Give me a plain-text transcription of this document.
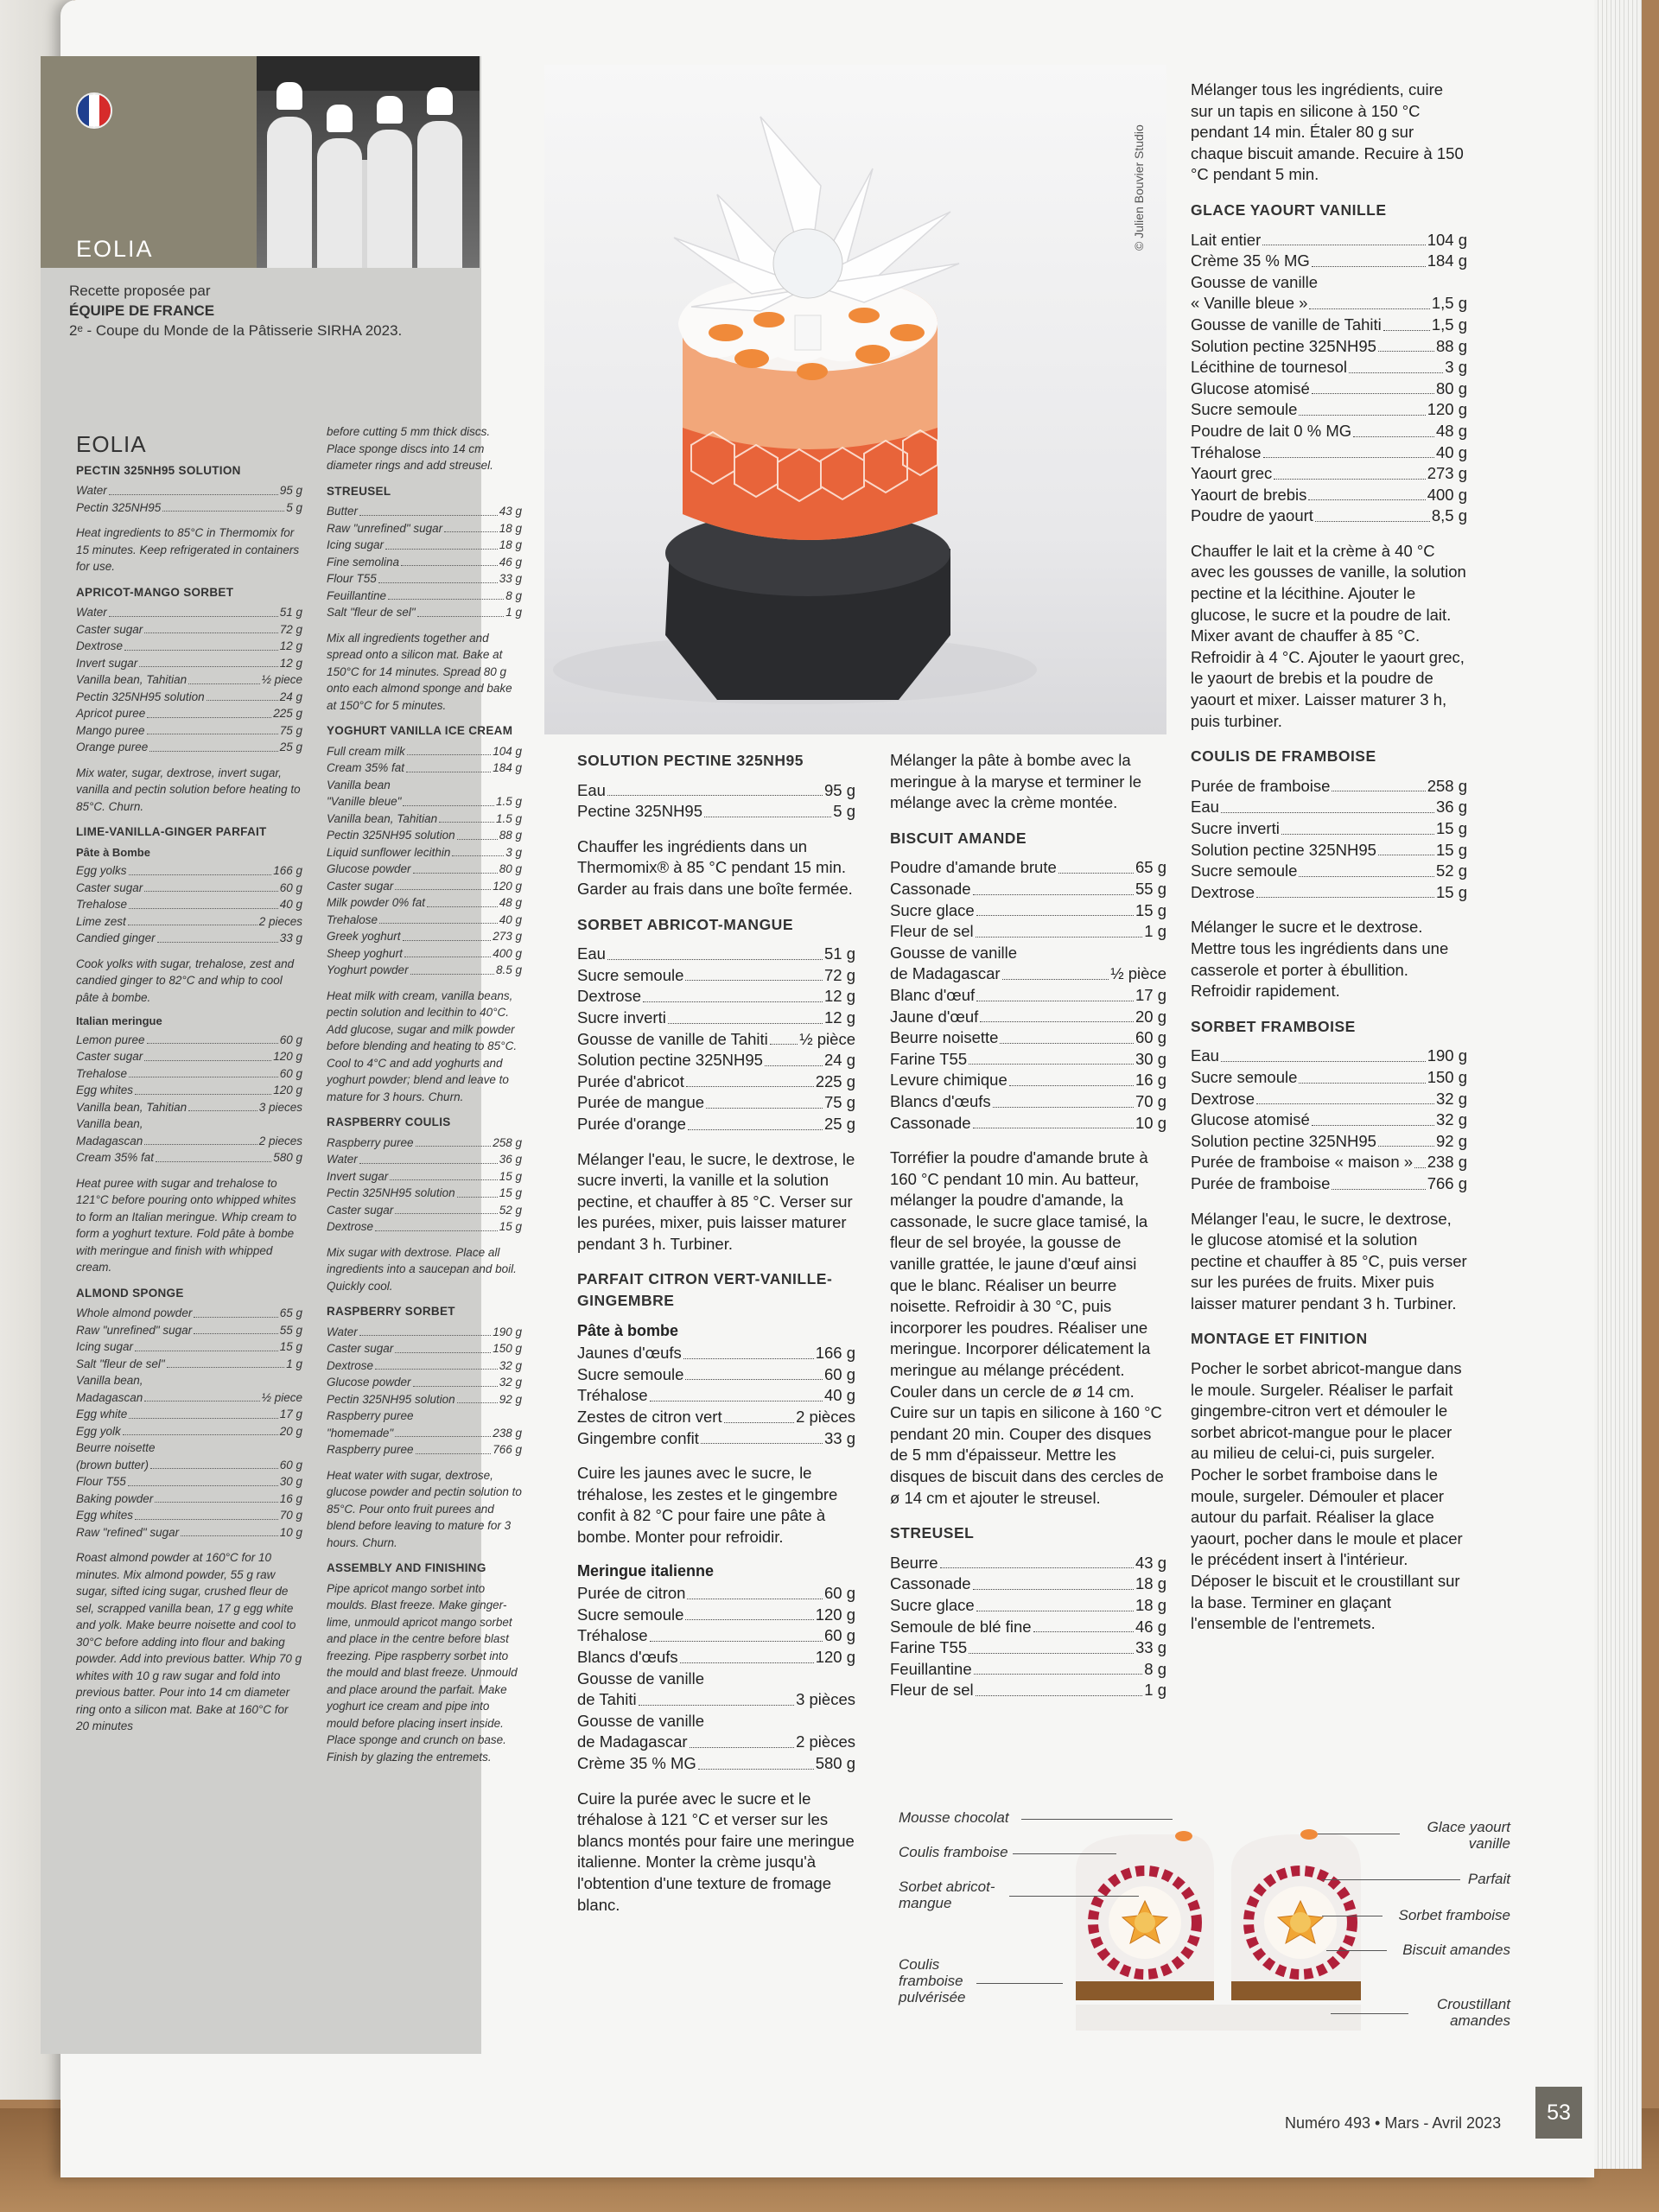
EOLIA
Recette proposée par
ÉQUIPE DE FRANCE
2ᵉ - Coupe du Monde de la Pâtisserie SIRHA 2023.
EOLIA
PECTIN 325NH95 SOLUTION
Water	95 g
Pectin 325NH95	5 g

Heat ingredients to 85°C in Thermomix for 15 minutes. Keep refrigerated in containers for use.

APRICOT-MANGO SORBET
Water	51 g
Caster sugar	72 g
Dextrose	12 g
Invert sugar	12 g
Vanilla bean, Tahitian	½ piece
Pectin 325NH95 solution	24 g
Apricot puree	225 g
Mango puree	75 g
Orange puree	25 g

Mix water, sugar, dextrose, invert sugar, vanilla and pectin solution before heating to 85°C. Churn.

LIME-VANILLA-GINGER PARFAIT
Pâte à Bombe
Egg yolks	166 g
Caster sugar	60 g
Trehalose	40 g
Lime zest	2 pieces
Candied ginger	33 g

Cook yolks with sugar, trehalose, zest and candied ginger to 82°C and whip to cool pâte à bombe.

Italian meringue
Lemon puree	60 g
Caster sugar	120 g
Trehalose	60 g
Egg whites	120 g
Vanilla bean, Tahitian	3 pieces
Vanilla bean,
Madagascan	2 pieces
Cream 35% fat	580 g

Heat puree with sugar and trehalose to 121°C before pouring onto whipped whites to form an Italian meringue. Whip cream to form a yoghurt texture. Fold pâte à bombe with meringue and finish with whipped cream.

ALMOND SPONGE
Whole almond powder	65 g
Raw "unrefined" sugar	55 g
Icing sugar	15 g
Salt "fleur de sel"	1 g
Vanilla bean,
Madagascan	½ piece
Egg white	17 g
Egg yolk	20 g
Beurre noisette
(brown butter)	60 g
Flour T55	30 g
Baking powder	16 g
Egg whites	70 g
Raw "refined" sugar	10 g

Roast almond powder at 160°C for 10 minutes. Mix almond powder, 55 g raw sugar, sifted icing sugar, crushed fleur de sel, scrapped vanilla bean, 17 g egg white and yolk. Make beurre noisette and cool to 30°C before adding into flour and baking powder. Add into previous batter. Whip 70 g whites with 10 g raw sugar and fold into previous batter. Pour into 14 cm diameter ring onto a silicon mat. Bake at 160°C for 20 minutes

before cutting 5 mm thick discs. Place sponge discs into 14 cm diameter rings and add streusel.

STREUSEL
Butter	43 g
Raw "unrefined" sugar	18 g
Icing sugar	18 g
Fine semolina	46 g
Flour T55	33 g
Feuillantine	8 g
Salt "fleur de sel"	1 g

Mix all ingredients together and spread onto a silicon mat. Bake at 150°C for 14 minutes. Spread 80 g onto each almond sponge and bake at 150°C for 5 minutes.

YOGHURT VANILLA ICE CREAM
Full cream milk	104 g
Cream 35% fat	184 g
Vanilla bean
"Vanille bleue"	1.5 g
Vanilla bean, Tahitian	1.5 g
Pectin 325NH95 solution	88 g
Liquid sunflower lecithin	3 g
Glucose powder	80 g
Caster sugar	120 g
Milk powder 0% fat	48 g
Trehalose	40 g
Greek yoghurt	273 g
Sheep yoghurt	400 g
Yoghurt powder	8.5 g

Heat milk with cream, vanilla beans, pectin solution and lecithin to 40°C. Add glucose, sugar and milk powder before blending and heating to 85°C. Cool to 4°C and add yoghurts and yoghurt powder; blend and leave to mature for 3 hours. Churn.

RASPBERRY COULIS
Raspberry puree	258 g
Water	36 g
Invert sugar	15 g
Pectin 325NH95 solution	15 g
Caster sugar	52 g
Dextrose	15 g

Mix sugar with dextrose. Place all ingredients into a saucepan and boil. Quickly cool.

RASPBERRY SORBET
Water	190 g
Caster sugar	150 g
Dextrose	32 g
Glucose powder	32 g
Pectin 325NH95 solution	92 g
Raspberry puree
"homemade"	238 g
Raspberry puree	766 g

Heat water with sugar, dextrose, glucose powder and pectin solution to 85°C. Pour onto fruit purees and blend before leaving to mature for 3 hours. Churn.

ASSEMBLY AND FINISHING

Pipe apricot mango sorbet into moulds. Blast freeze. Make ginger-lime, unmould apricot mango sorbet and place in the centre before blast freezing. Pipe raspberry sorbet into the mould and blast freeze. Unmould and place around the parfait. Make yoghurt ice cream and pipe into mould before placing insert inside. Place sponge and crunch on base. Finish by glazing the entremets.

© Julien Bouvier Studio
SOLUTION PECTINE 325NH95
Eau	95 g
Pectine 325NH95	5 g

Chauffer les ingrédients dans un Thermomix® à 85 °C pendant 15 min. Garder au frais dans une boîte fermée.

SORBET ABRICOT-MANGUE
Eau	51 g
Sucre semoule	72 g
Dextrose	12 g
Sucre inverti	12 g
Gousse de vanille de Tahiti ½ pièce
Solution pectine 325NH95	24 g
Purée d'abricot	225 g
Purée de mangue	75 g
Purée d'orange	25 g

Mélanger l'eau, le sucre, le dextrose, le sucre inverti, la vanille et la solution pectine, et chauffer à 85 °C. Verser sur les purées, mixer, puis laisser maturer pendant 3 h. Turbiner.

PARFAIT CITRON VERT-VANILLE-GINGEMBRE
Pâte à bombe
Jaunes d'œufs	166 g
Sucre semoule	60 g
Tréhalose	40 g
Zestes de citron vert	2 pièces
Gingembre confit	33 g

Cuire les jaunes avec le sucre, le tréhalose, les zestes et le gingembre confit à 82 °C pour faire une pâte à bombe. Monter pour refroidir.

Meringue italienne
Purée de citron	60 g
Sucre semoule	120 g
Tréhalose	60 g
Blancs d'œufs	120 g
Gousse de vanille
de Tahiti	3 pièces
Gousse de vanille
de Madagascar	2 pièces
Crème 35 % MG	580 g

Cuire la purée avec le sucre et le tréhalose à 121 °C et verser sur les blancs montés pour faire une meringue italienne. Monter la crème jusqu'à l'obtention d'une texture de fromage blanc.

Mélanger la pâte à bombe avec la meringue à la maryse et terminer le mélange avec la crème montée.

BISCUIT AMANDE
Poudre d'amande brute	65 g
Cassonade	55 g
Sucre glace	15 g
Fleur de sel	1 g
Gousse de vanille
de Madagascar	½ pièce
Blanc d'œuf	17 g
Jaune d'œuf	20 g
Beurre noisette	60 g
Farine T55	30 g
Levure chimique	16 g
Blancs d'œufs	70 g
Cassonade	10 g

Torréfier la poudre d'amande brute à 160 °C pendant 10 min. Au batteur, mélanger la poudre d'amande, la cassonade, le sucre glace tamisé, la fleur de sel broyée, la gousse de vanille grattée, le jaune d'œuf ainsi que le blanc. Réaliser un beurre noisette. Refroidir à 30 °C, puis incorporer les poudres. Réaliser une meringue. Incorporer délicatement la meringue au mélange précédent. Couler dans un cercle de ø 14 cm. Cuire sur un tapis en silicone à 160 °C pendant 20 min. Couper des disques de 5 mm d'épaisseur. Mettre les disques de biscuit dans des cercles de ø 14 cm et ajouter le streusel.

STREUSEL
Beurre	43 g
Cassonade	18 g
Sucre glace	18 g
Semoule de blé fine	46 g
Farine T55	33 g
Feuillantine	8 g
Fleur de sel	1 g

Mélanger tous les ingrédients, cuire sur un tapis en silicone à 150 °C pendant 14 min. Étaler 80 g sur chaque biscuit amande. Recuire à 150 °C pendant 5 min.

GLACE YAOURT VANILLE
Lait entier	104 g
Crème 35 % MG	184 g
Gousse de vanille
« Vanille bleue »	1,5 g
Gousse de vanille de Tahiti	1,5 g
Solution pectine 325NH95	88 g
Lécithine de tournesol	3 g
Glucose atomisé	80 g
Sucre semoule	120 g
Poudre de lait 0 % MG	48 g
Tréhalose	40 g
Yaourt grec	273 g
Yaourt de brebis	400 g
Poudre de yaourt	8,5 g

Chauffer le lait et la crème à 40 °C avec les gousses de vanille, la solution pectine et la lécithine. Ajouter le glucose, le sucre et la poudre de lait. Mixer avant de chauffer à 85 °C. Refroidir à 4 °C. Ajouter le yaourt grec, le yaourt de brebis et la poudre de yaourt et mixer. Laisser maturer 3 h, puis turbiner.

COULIS DE FRAMBOISE
Purée de framboise	258 g
Eau	36 g
Sucre inverti	15 g
Solution pectine 325NH95	15 g
Sucre semoule	52 g
Dextrose	15 g

Mélanger le sucre et le dextrose. Mettre tous les ingrédients dans une casserole et porter à ébullition. Refroidir rapidement.

SORBET FRAMBOISE
Eau	190 g
Sucre semoule	150 g
Dextrose	32 g
Glucose atomisé	32 g
Solution pectine 325NH95	92 g
Purée de framboise « maison » 238 g
Purée de framboise	766 g

Mélanger l'eau, le sucre, le dextrose, le glucose atomisé et la solution pectine et chauffer à 85 °C, puis verser sur les purées de fruits. Mixer puis laisser maturer pendant 3 h. Turbiner.

MONTAGE ET FINITION

Pocher le sorbet abricot-mangue dans le moule. Surgeler. Réaliser le parfait gingembre-citron vert et démouler le sorbet abricot-mangue pour le placer au milieu de celui-ci, puis surgeler. Pocher le sorbet framboise dans le moule, surgeler. Démouler et placer autour du parfait. Réaliser la glace yaourt, pocher dans le moule et placer le précédent insert à l'intérieur. Déposer le biscuit et le croustillant sur la base. Terminer en glaçant l'ensemble de l'entremets.

Mousse chocolat
Coulis framboise
Sorbet abricot-mangue
Coulis framboise pulvérisée
Glace yaourt vanille
Parfait
Sorbet framboise
Biscuit amandes
Croustillant amandes
Numéro 493 • Mars - Avril 2023	53
